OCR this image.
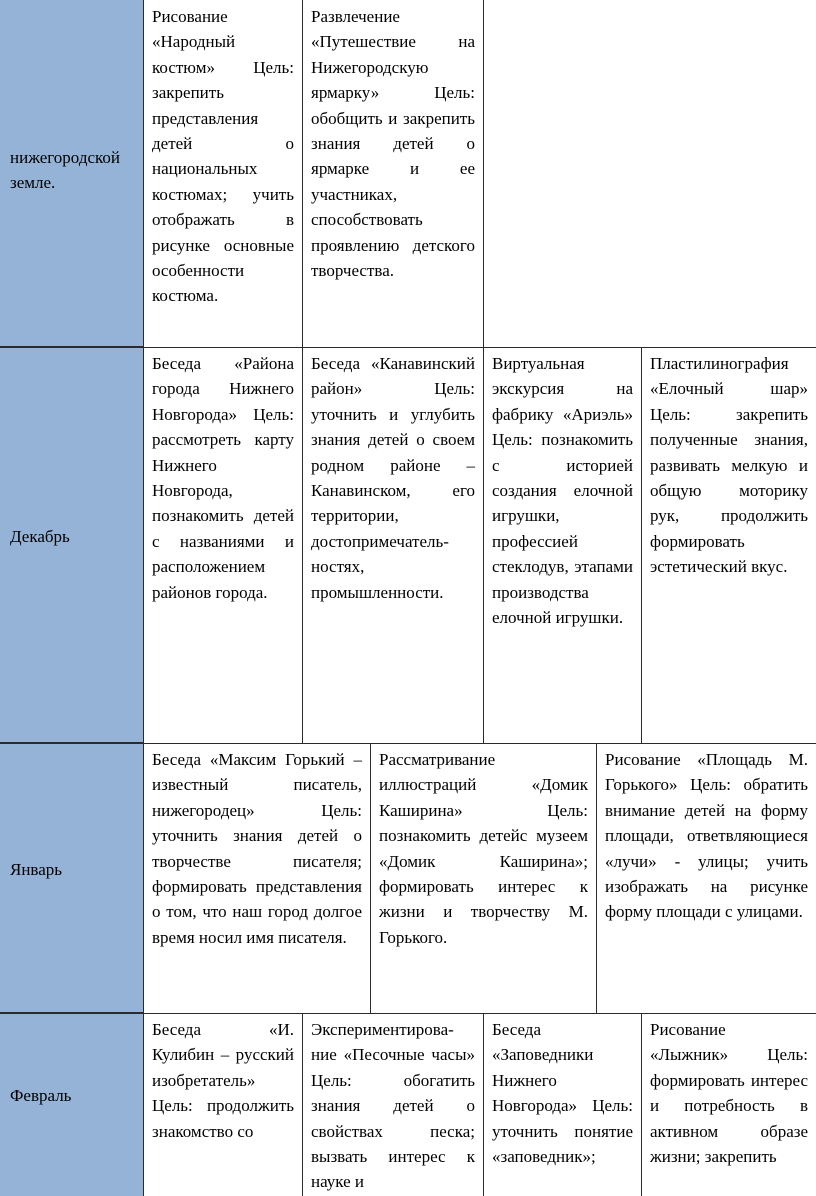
нижегородской земле.
Рисование «Народный костюм» Цель: закрепить представления детей о национальных костюмах; учить отображать в рисунке основные особенности костюма.
Развлечение «Путешествие на Нижегородскую ярмарку» Цель: обобщить и закрепить знания детей о ярмарке и ее участниках, способствовать проявлению детского творчества.
Декабрь
Беседа «Района города Нижнего Новгорода» Цель: рассмотреть карту Нижнего Новгорода, познакомить детей с названиями и расположением районов города.
Беседа «Канавинский район» Цель: уточнить и углубить знания детей о своем родном районе – Канавинском, его территории, достопримечатель-ностях, промышленности.
Виртуальная экскурсия на фабрику «Ариэль» Цель: познакомить с историей создания елочной игрушки, профессией стеклодув, этапами производства елочной игрушки.
Пластилинография «Елочный шар» Цель: закрепить полученные знания, развивать мелкую и общую моторику рук, продолжить формировать эстетический вкус.
Январь
Беседа «Максим Горький – известный писатель, нижегородец» Цель: уточнить знания детей о творчестве писателя; формировать представления о том, что наш город долгое время носил имя писателя.
Рассматривание иллюстраций «Домик Каширина» Цель: познакомить детейс музеем «Домик Каширина»; формировать интерес к жизни и творчеству М. Горького.
Рисование «Площадь М. Горького» Цель: обратить внимание детей на форму площади, ответвляющиеся «лучи» - улицы; учить изображать на рисунке форму площади с улицами.
Февраль
Беседа «И. Кулибин – русский изобретатель» Цель: продолжить знакомство со
Экспериментирова-ние «Песочные часы» Цель: обогатить знания детей о свойствах песка; вызвать интерес к науке и
Беседа «Заповедники Нижнего Новгорода» Цель: уточнить понятие «заповедник»;
Рисование «Лыжник» Цель: формировать интерес и потребность в активном образе жизни; закрепить
